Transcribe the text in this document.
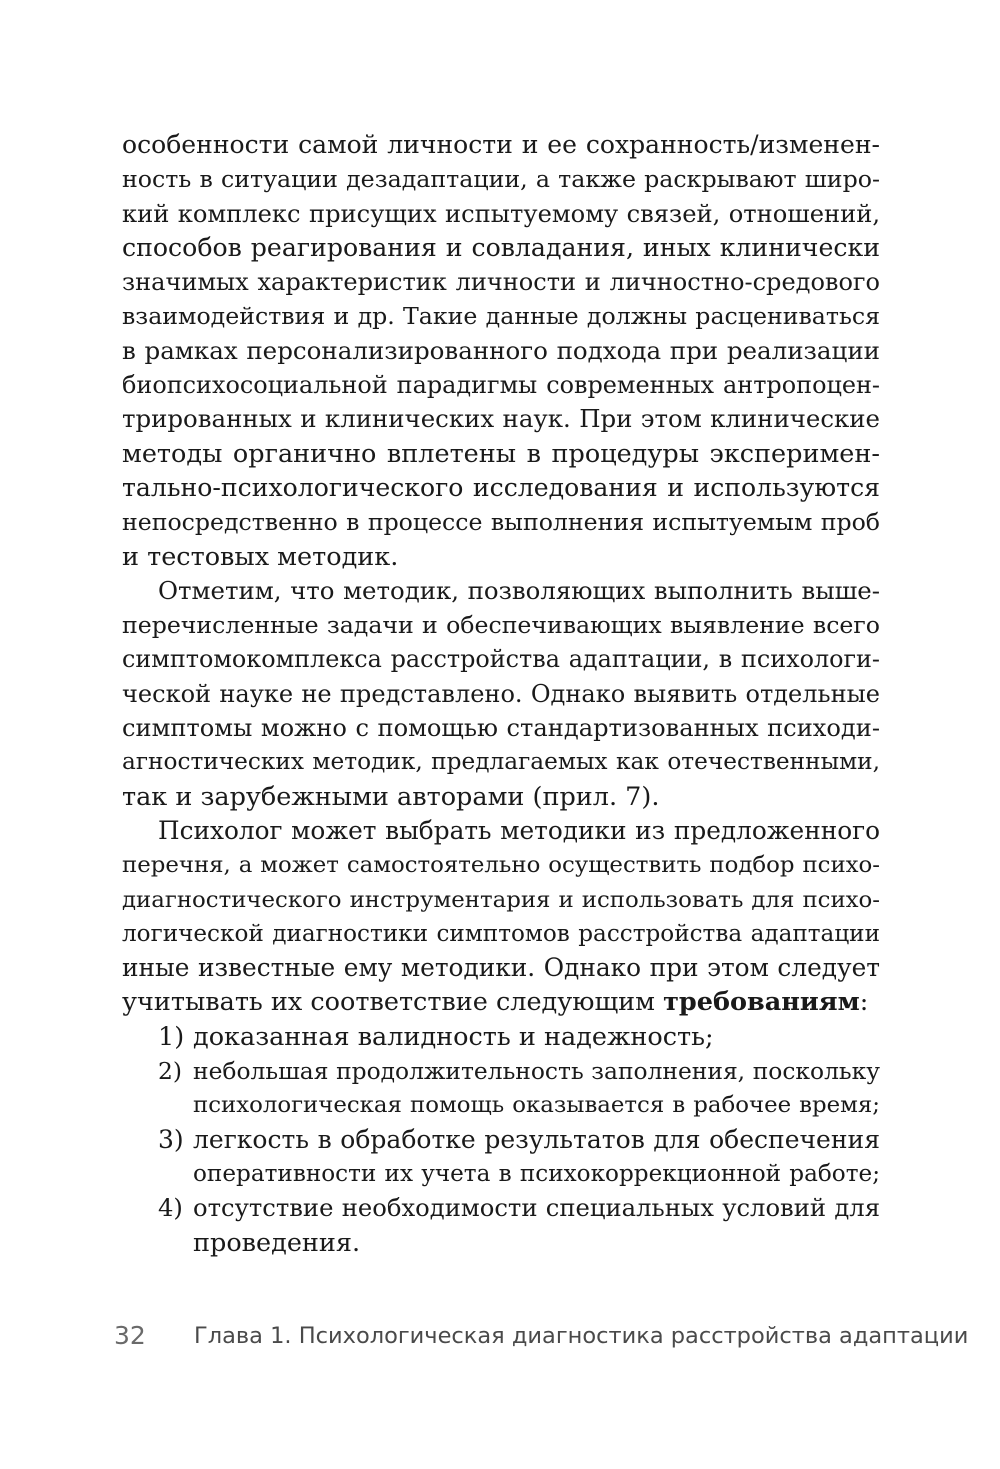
особенности самой личности и ее сохранность/изменен-
ность в ситуации дезадаптации, а также раскрывают широ-
кий комплекс присущих испытуемому связей, отношений,
способов реагирования и совладания, иных клинически
значимых характеристик личности и личностно-средового
взаимодействия и др. Такие данные должны расцениваться
в рамках персонализированного подхода при реализации
биопсихосоциальной парадигмы современных антропоцен-
трированных и клинических наук. При этом клинические
методы органично вплетены в процедуры эксперимен-
тально-психологического исследования и используются
непосредственно в процессе выполнения испытуемым проб
и тестовых методик.
Отметим, что методик, позволяющих выполнить выше-
перечисленные задачи и обеспечивающих выявление всего
симптомокомплекса расстройства адаптации, в психологи-
ческой науке не представлено. Однако выявить отдельные
симптомы можно с помощью стандартизованных психоди-
агностических методик, предлагаемых как отечественными,
так и зарубежными авторами (прил. 7).
Психолог может выбрать методики из предложенного
перечня, а может самостоятельно осуществить подбор психо-
диагностического инструментария и использовать для психо-
логической диагностики симптомов расстройства адаптации
иные известные ему методики. Однако при этом следует
учитывать их соответствие следующим требованиям:
1) доказанная валидность и надежность;
2) небольшая продолжительность заполнения, поскольку
психологическая помощь оказывается в рабочее время;
3) легкость в обработке результатов для обеспечения
оперативности их учета в психокоррекционной работе;
4) отсутствие необходимости специальных условий для
проведения.
32 Глава 1. Психологическая диагностика расстройства адаптации
